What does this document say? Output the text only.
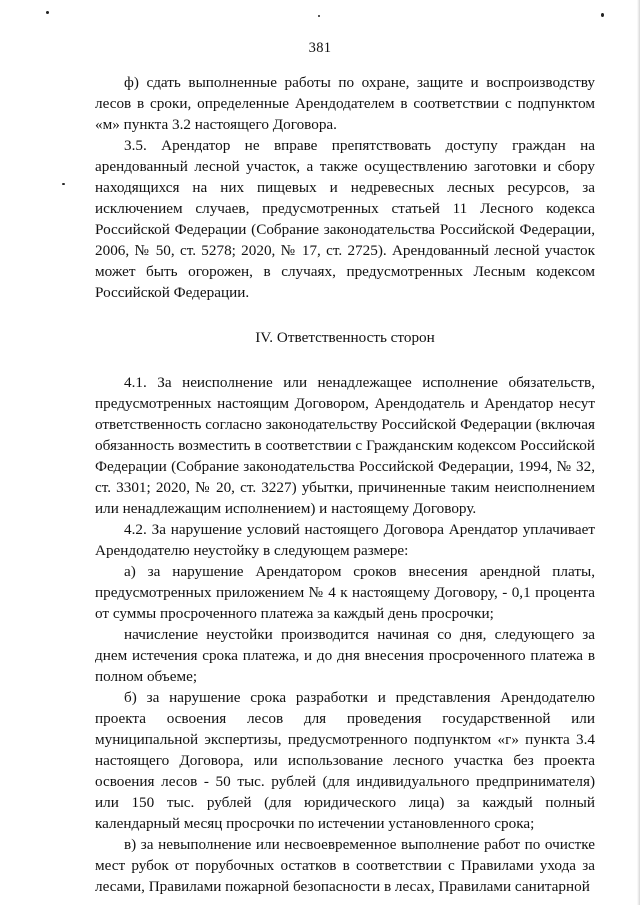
381

ф) сдать выполненные работы по охране, защите и воспроизводству лесов в сроки, определенные Арендодателем в соответствии с подпунктом «м» пункта 3.2 настоящего Договора.

3.5. Арендатор не вправе препятствовать доступу граждан на арендованный лесной участок, а также осуществлению заготовки и сбору находящихся на них пищевых и недревесных лесных ресурсов, за исключением случаев, предусмотренных статьей 11 Лесного кодекса Российской Федерации (Собрание законодательства Российской Федерации, 2006, № 50, ст. 5278; 2020, № 17, ст. 2725). Арендованный лесной участок может быть огорожен, в случаях, предусмотренных Лесным кодексом Российской Федерации.

IV. Ответственность сторон

4.1. За неисполнение или ненадлежащее исполнение обязательств, предусмотренных настоящим Договором, Арендодатель и Арендатор несут ответственность согласно законодательству Российской Федерации (включая обязанность возместить в соответствии с Гражданским кодексом Российской Федерации (Собрание законодательства Российской Федерации, 1994, № 32, ст. 3301; 2020, № 20, ст. 3227) убытки, причиненные таким неисполнением или ненадлежащим исполнением) и настоящему Договору.

4.2. За нарушение условий настоящего Договора Арендатор уплачивает Арендодателю неустойку в следующем размере:

а) за нарушение Арендатором сроков внесения арендной платы, предусмотренных приложением № 4 к настоящему Договору, - 0,1 процента от суммы просроченного платежа за каждый день просрочки;

начисление неустойки производится начиная со дня, следующего за днем истечения срока платежа, и до дня внесения просроченного платежа в полном объеме;

б) за нарушение срока разработки и представления Арендодателю проекта освоения лесов для проведения государственной или муниципальной экспертизы, предусмотренного подпунктом «г» пункта 3.4 настоящего Договора, или использование лесного участка без проекта освоения лесов - 50 тыс. рублей (для индивидуального предпринимателя) или 150 тыс. рублей (для юридического лица) за каждый полный календарный месяц просрочки по истечении установленного срока;

в) за невыполнение или несвоевременное выполнение работ по очистке мест рубок от порубочных остатков в соответствии с Правилами ухода за лесами, Правилами пожарной безопасности в лесах, Правилами санитарной
